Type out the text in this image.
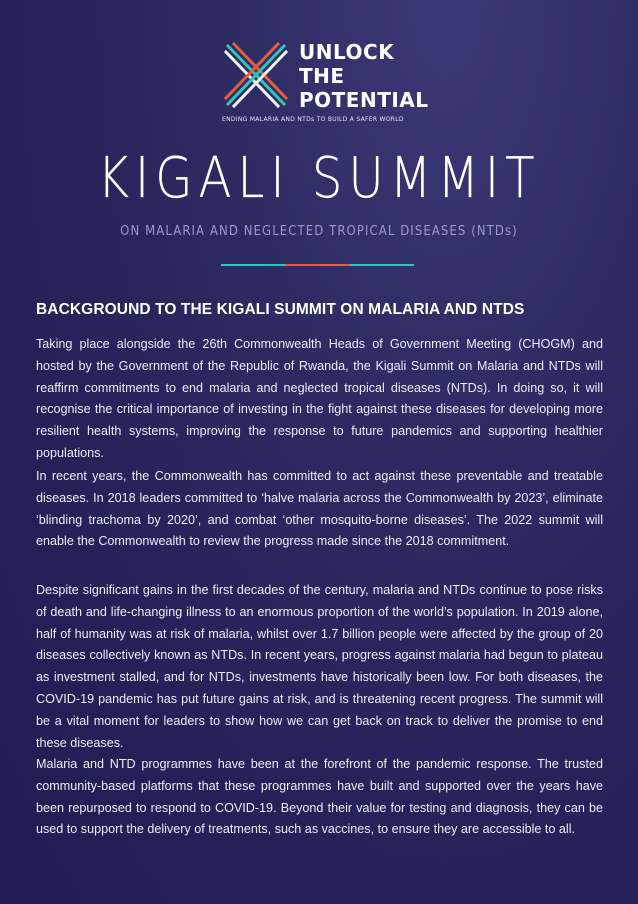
UNLOCK
THE
POTENTIAL
ENDING MALARIA AND NTDs TO BUILD A SAFER WORLD
KIGALI SUMMIT
ON MALARIA AND NEGLECTED TROPICAL DISEASES (NTDs)
BACKGROUND TO THE KIGALI SUMMIT ON MALARIA AND NTDS

Taking place alongside the 26th Commonwealth Heads of Government Meeting (CHOGM) and hosted by the Government of the Republic of Rwanda, the Kigali Summit on Malaria and NTDs will reaffirm commitments to end malaria and neglected tropical diseases (NTDs). In doing so, it will recognise the critical importance of investing in the fight against these diseases for developing more resilient health systems, improving the response to future pandemics and supporting healthier populations.

In recent years, the Commonwealth has committed to act against these preventable and treatable diseases. In 2018 leaders committed to ‘halve malaria across the Commonwealth by 2023’, eliminate ‘blinding trachoma by 2020’, and combat ‘other mosquito-borne diseases’. The 2022 summit will enable the Commonwealth to review the progress made since the 2018 commitment.

Despite significant gains in the first decades of the century, malaria and NTDs continue to pose risks of death and life-changing illness to an enormous proportion of the world’s population. In 2019 alone, half of humanity was at risk of malaria, whilst over 1.7 billion people were affected by the group of 20 diseases collectively known as NTDs. In recent years, progress against malaria had begun to plateau as investment stalled, and for NTDs, investments have historically been low. For both diseases, the COVID-19 pandemic has put future gains at risk, and is threatening recent progress. The summit will be a vital moment for leaders to show how we can get back on track to deliver the promise to end these diseases.

Malaria and NTD programmes have been at the forefront of the pandemic response. The trusted community-based platforms that these programmes have built and supported over the years have been repurposed to respond to COVID-19. Beyond their value for testing and diagnosis, they can be used to support the delivery of treatments, such as vaccines, to ensure they are accessible to all.
